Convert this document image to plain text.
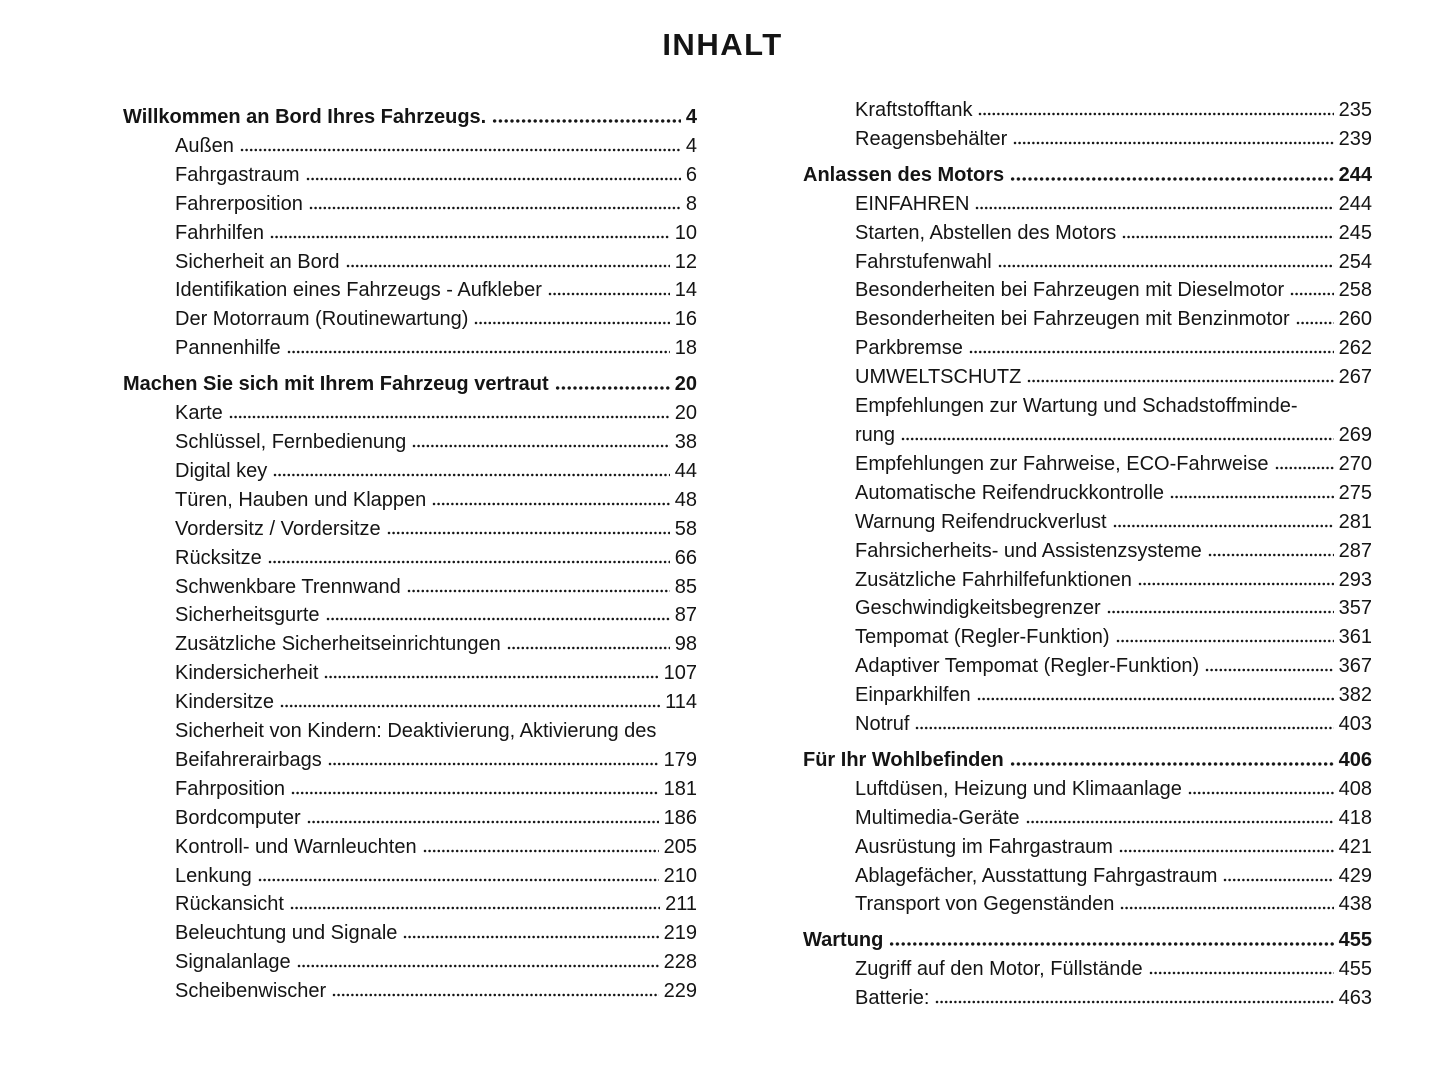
INHALT
Willkommen an Bord Ihres Fahrzeugs.	4
Außen	4
Fahrgastraum	6
Fahrerposition	8
Fahrhilfen	10
Sicherheit an Bord	12
Identifikation eines Fahrzeugs - Aufkleber	14
Der Motorraum (Routinewartung)	16
Pannenhilfe	18
Machen Sie sich mit Ihrem Fahrzeug vertraut	20
Karte	20
Schlüssel, Fernbedienung	38
Digital key	44
Türen, Hauben und Klappen	48
Vordersitz / Vordersitze	58
Rücksitze	66
Schwenkbare Trennwand	85
Sicherheitsgurte	87
Zusätzliche Sicherheitseinrichtungen	98
Kindersicherheit	107
Kindersitze	114
Sicherheit von Kindern: Deaktivierung, Aktivierung des
Beifahrerairbags	179
Fahrposition	181
Bordcomputer	186
Kontroll- und Warnleuchten	205
Lenkung	210
Rückansicht	211
Beleuchtung und Signale	219
Signalanlage	228
Scheibenwischer	229
Kraftstofftank	235
Reagensbehälter	239
Anlassen des Motors	244
EINFAHREN	244
Starten, Abstellen des Motors	245
Fahrstufenwahl	254
Besonderheiten bei Fahrzeugen mit Dieselmotor	258
Besonderheiten bei Fahrzeugen mit Benzinmotor 260
Parkbremse	262
UMWELTSCHUTZ	267
Empfehlungen zur Wartung und Schadstoffminde-
rung	269
Empfehlungen zur Fahrweise, ECO-Fahrweise	270
Automatische Reifendruckkontrolle	275
Warnung Reifendruckverlust	281
Fahrsicherheits- und Assistenzsysteme	287
Zusätzliche Fahrhilfefunktionen	293
Geschwindigkeitsbegrenzer	357
Tempomat (Regler-Funktion)	361
Adaptiver Tempomat (Regler-Funktion)	367
Einparkhilfen	382
Notruf	403
Für Ihr Wohlbefinden	406
Luftdüsen, Heizung und Klimaanlage	408
Multimedia-Geräte	418
Ausrüstung im Fahrgastraum	421
Ablagefächer, Ausstattung Fahrgastraum	429
Transport von Gegenständen	438
Wartung	455
Zugriff auf den Motor, Füllstände	455
Batterie:	463
